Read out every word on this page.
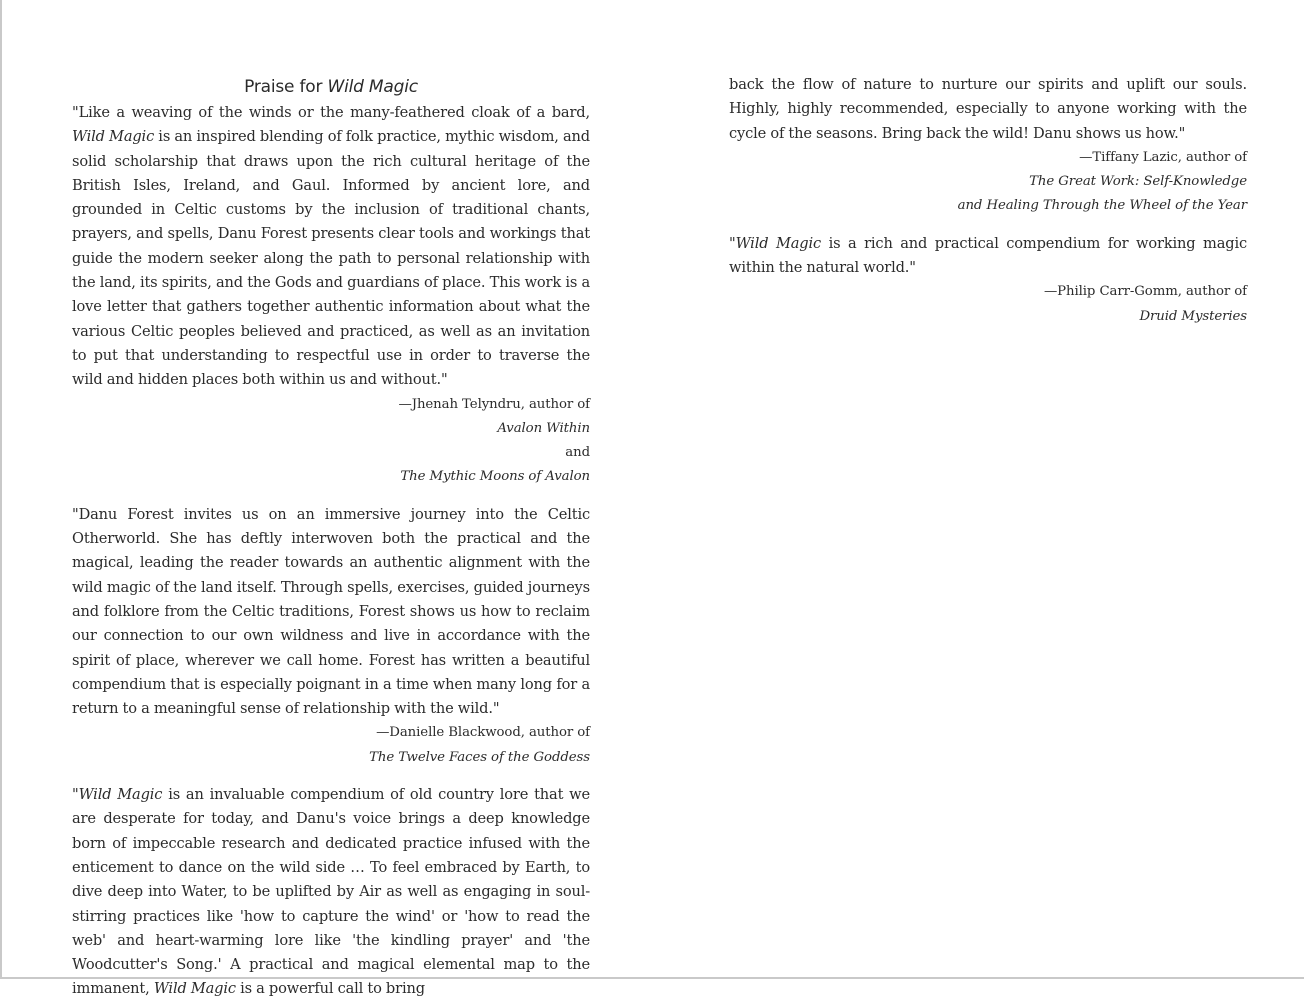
Praise for Wild Magic

"Like a weaving of the winds or the many-feathered cloak of a bard, Wild Magic is an inspired blending of folk practice, mythic wisdom, and solid scholarship that draws upon the rich cultural heritage of the British Isles, Ireland, and Gaul. Informed by ancient lore, and grounded in Celtic customs by the inclusion of traditional chants, prayers, and spells, Danu Forest presents clear tools and workings that guide the modern seeker along the path to personal relationship with the land, its spirits, and the Gods and guardians of place. This work is a love letter that gathers together authentic information about what the various Celtic peoples believed and practiced, as well as an invitation to put that understanding to respectful use in order to traverse the wild and hidden places both within us and without."

—Jhenah Telyndru, author of
Avalon Within
and
The Mythic Moons of Avalon

"Danu Forest invites us on an immersive journey into the Celtic Otherworld. She has deftly interwoven both the practical and the magical, leading the reader towards an authentic alignment with the wild magic of the land itself. Through spells, exercises, guided journeys and folklore from the Celtic traditions, Forest shows us how to reclaim our connection to our own wildness and live in accordance with the spirit of place, wherever we call home. Forest has written a beautiful compendium that is especially poignant in a time when many long for a return to a meaningful sense of relationship with the wild."

—Danielle Blackwood, author of
The Twelve Faces of the Goddess

"Wild Magic is an invaluable compendium of old country lore that we are desperate for today, and Danu's voice brings a deep knowledge born of impeccable research and dedicated practice infused with the enticement to dance on the wild side … To feel embraced by Earth, to dive deep into Water, to be uplifted by Air as well as engaging in soul-stirring practices like 'how to capture the wind' or 'how to read the web' and heart-warming lore like 'the kindling prayer' and 'the Woodcutter's Song.' A practical and magical elemental map to the immanent, Wild Magic is a powerful call to bring

back the flow of nature to nurture our spirits and uplift our souls. Highly, highly recommended, especially to anyone working with the cycle of the seasons. Bring back the wild! Danu shows us how."

—Tiffany Lazic, author of
The Great Work: Self-Knowledge
and Healing Through the Wheel of the Year

"Wild Magic is a rich and practical compendium for working magic within the natural world."

—Philip Carr-Gomm, author of
Druid Mysteries
